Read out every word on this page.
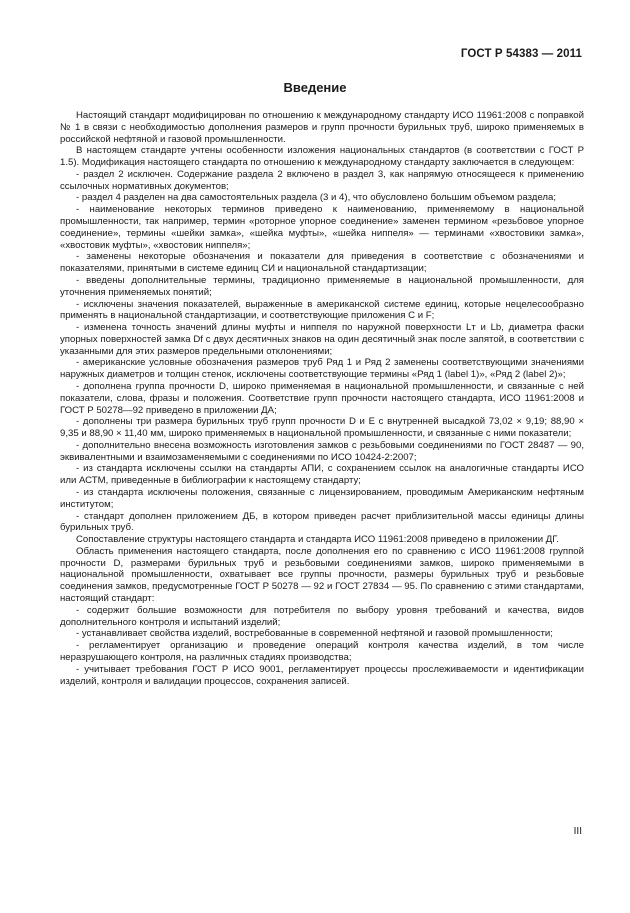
ГОСТ Р 54383 — 2011
Введение

Настоящий стандарт модифицирован по отношению к международному стандарту ИСО 11961:2008 с поправкой № 1 в связи с необходимостью дополнения размеров и групп прочности бурильных труб, широко применяемых в российской нефтяной и газовой промышленности.

В настоящем стандарте учтены особенности изложения национальных стандартов (в соответствии с ГОСТ Р 1.5). Модификация настоящего стандарта по отношению к международному стандарту заключается в следующем:

- раздел 2 исключен. Содержание раздела 2 включено в раздел 3, как напрямую относящееся к применению ссылочных нормативных документов;

- раздел 4 разделен на два самостоятельных раздела (3 и 4), что обусловлено большим объемом раздела;

- наименование некоторых терминов приведено к наименованию, применяемому в национальной промышленности, так например, термин «роторное упорное соединение» заменен термином «резьбовое упорное соединение», термины «шейки замка», «шейка муфты», «шейка ниппеля» — терминами «хвостовики замка», «хвостовик муфты», «хвостовик ниппеля»;

- заменены некоторые обозначения и показатели для приведения в соответствие с обозначениями и показателями, принятыми в системе единиц СИ и национальной стандартизации;

- введены дополнительные термины, традиционно применяемые в национальной промышленности, для уточнения применяемых понятий;

- исключены значения показателей, выраженные в американской системе единиц, которые нецелесообразно применять в национальной стандартизации, и соответствующие приложения С и F;

- изменена точность значений длины муфты и ниппеля по наружной поверхности Lт и Lb, диаметра фаски упорных поверхностей замка Df с двух десятичных знаков на один десятичный знак после запятой, в соответствии с указанными для этих размеров предельными отклонениями;

- американские условные обозначения размеров труб Ряд 1 и Ряд 2 заменены соответствующими значениями наружных диаметров и толщин стенок, исключены соответствующие термины «Ряд 1 (label 1)», «Ряд 2 (label 2)»;

- дополнена группа прочности D, широко применяемая в национальной промышленности, и связанные с ней показатели, слова, фразы и положения. Соответствие групп прочности настоящего стандарта, ИСО 11961:2008 и ГОСТ Р 50278—92 приведено в приложении ДА;

- дополнены три размера бурильных труб групп прочности D и Е с внутренней высадкой 73,02 × 9,19; 88,90 × 9,35 и 88,90 × 11,40 мм, широко применяемых в национальной промышленности, и связанные с ними показатели;

- дополнительно внесена возможность изготовления замков с резьбовыми соединениями по ГОСТ 28487 — 90, эквивалентными и взаимозаменяемыми с соединениями по ИСО 10424-2:2007;

- из стандарта исключены ссылки на стандарты АПИ, с сохранением ссылок на аналогичные стандарты ИСО или АСТМ, приведенные в библиографии к настоящему стандарту;

- из стандарта исключены положения, связанные с лицензированием, проводимым Американским нефтяным институтом;

- стандарт дополнен приложением ДБ, в котором приведен расчет приблизительной массы единицы длины бурильных труб.

Сопоставление структуры настоящего стандарта и стандарта ИСО 11961:2008 приведено в приложении ДГ.

Область применения настоящего стандарта, после дополнения его по сравнению с ИСО 11961:2008 группой прочности D, размерами бурильных труб и резьбовыми соединениями замков, широко применяемыми в национальной промышленности, охватывает все группы прочности, размеры бурильных труб и резьбовые соединения замков, предусмотренные ГОСТ Р 50278 — 92 и ГОСТ 27834 — 95. По сравнению с этими стандартами, настоящий стандарт:

- содержит большие возможности для потребителя по выбору уровня требований и качества, видов дополнительного контроля и испытаний изделий;

- устанавливает свойства изделий, востребованные в современной нефтяной и газовой промышленности;

- регламентирует организацию и проведение операций контроля качества изделий, в том числе неразрушающего контроля, на различных стадиях производства;

- учитывает требования ГОСТ Р ИСО 9001, регламентирует процессы прослеживаемости и идентификации изделий, контроля и валидации процессов, сохранения записей.

III
